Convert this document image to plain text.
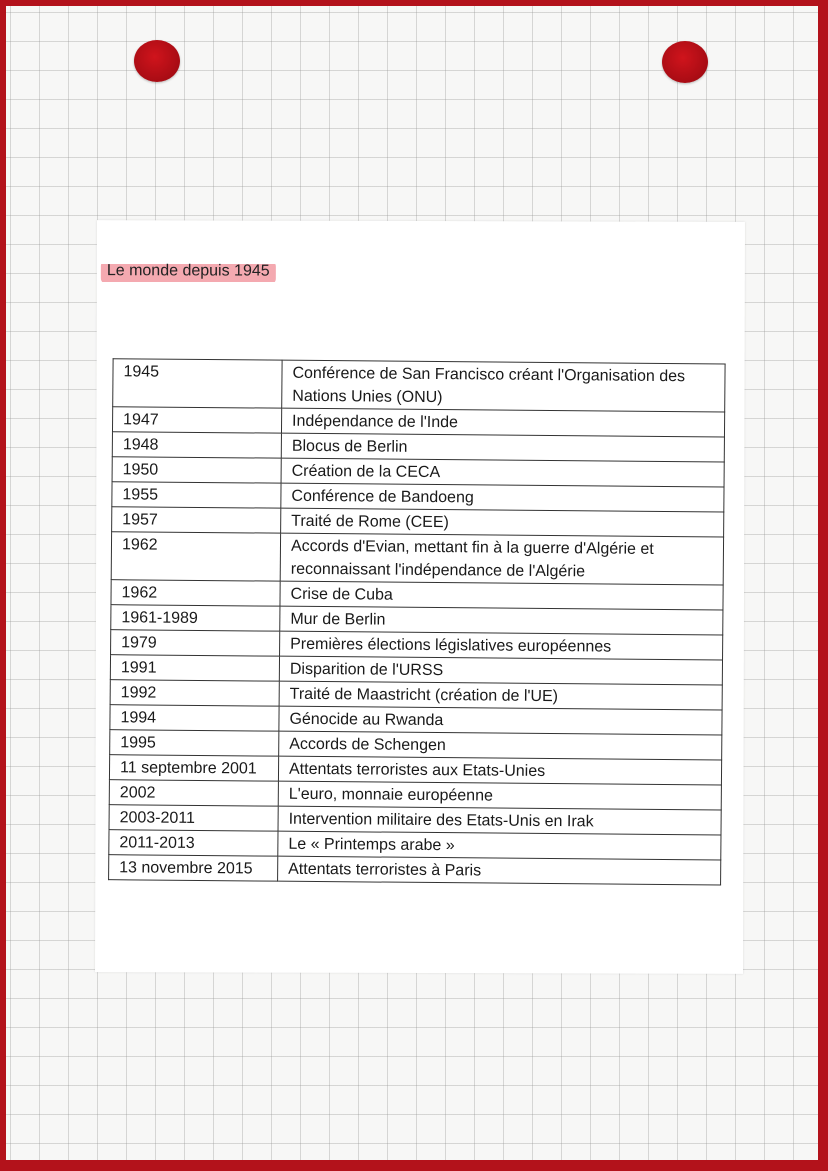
Le monde depuis 1945
1945	Conférence de San Francisco créant l'Organisation des Nations Unies (ONU)
1947	Indépendance de l'Inde
1948	Blocus de Berlin
1950	Création de la CECA
1955	Conférence de Bandoeng
1957	Traité de Rome (CEE)
1962	Accords d'Evian, mettant fin à la guerre d'Algérie et reconnaissant l'indépendance de l'Algérie
1962	Crise de Cuba
1961-1989	Mur de Berlin
1979	Premières élections législatives européennes
1991	Disparition de l'URSS
1992	Traité de Maastricht (création de l'UE)
1994	Génocide au Rwanda
1995	Accords de Schengen
11 septembre 2001	Attentats terroristes aux Etats-Unies
2002	L'euro, monnaie européenne
2003-2011	Intervention militaire des Etats-Unis en Irak
2011-2013	Le « Printemps arabe »
13 novembre 2015	Attentats terroristes à Paris
